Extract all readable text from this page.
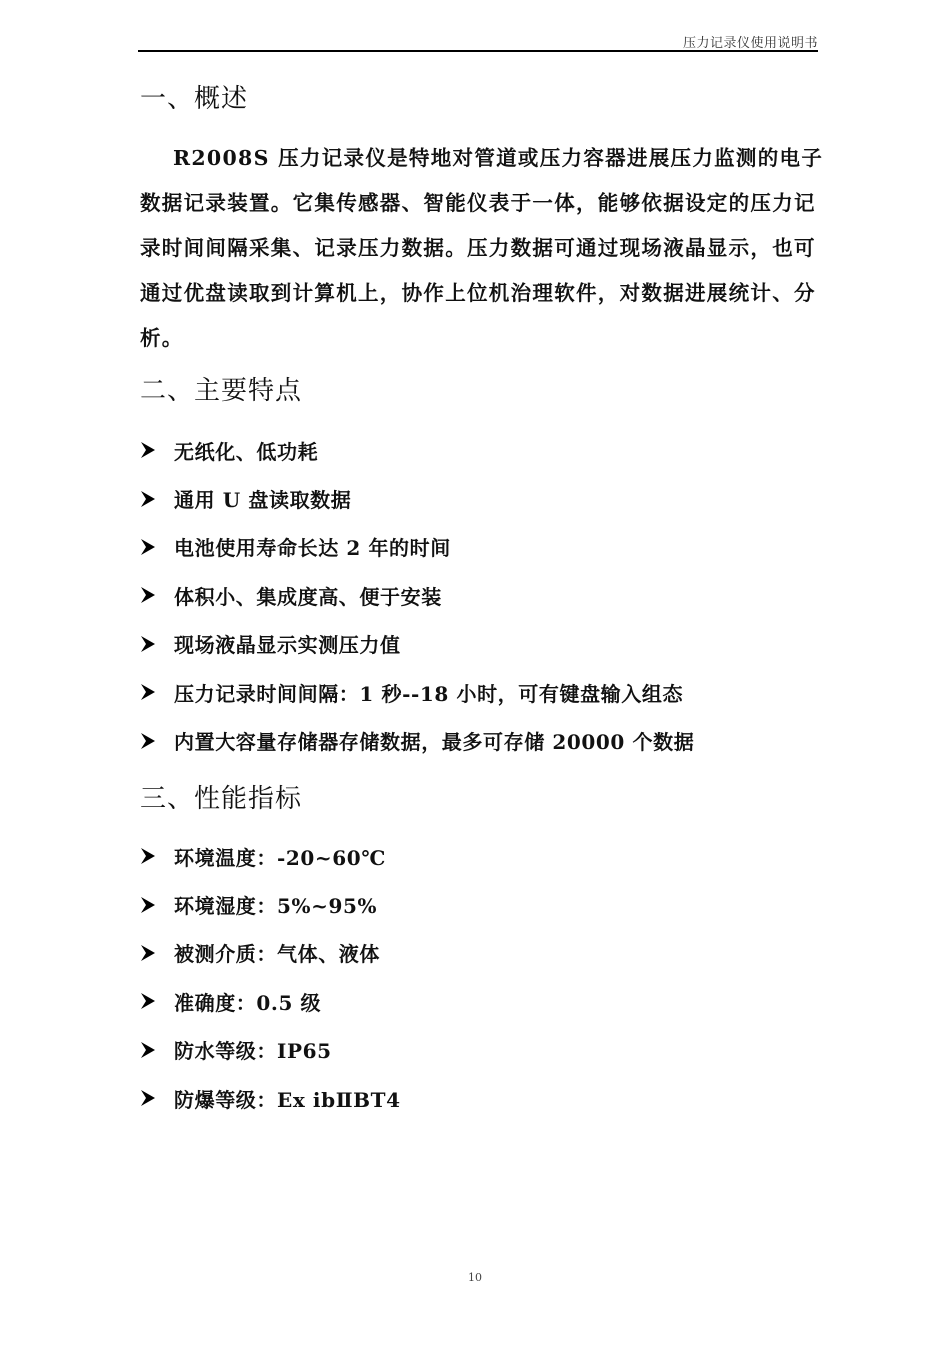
压力记录仪使用说明书
一、概述

R2008S 压力记录仪是特地对管道或压力容器进展压力监测的电子数据记录装置。它集传感器、智能仪表于一体，能够依据设定的压力记录时间间隔采集、记录压力数据。压力数据可通过现场液晶显示，也可通过优盘读取到计算机上，协作上位机治理软件，对数据进展统计、分析。

二、主要特点
无纸化、低功耗
通用 U 盘读取数据
电池使用寿命长达 2 年的时间
体积小、集成度高、便于安装
现场液晶显示实测压力值
压力记录时间间隔：1 秒--18 小时，可有键盘输入组态
内置大容量存储器存储数据，最多可存储 20000 个数据
三、性能指标
环境温度：-20~60℃
环境湿度：5%~95%
被测介质：气体、液体
准确度：0.5 级
防水等级：IP65
防爆等级：Ex ibⅡBT4
10
